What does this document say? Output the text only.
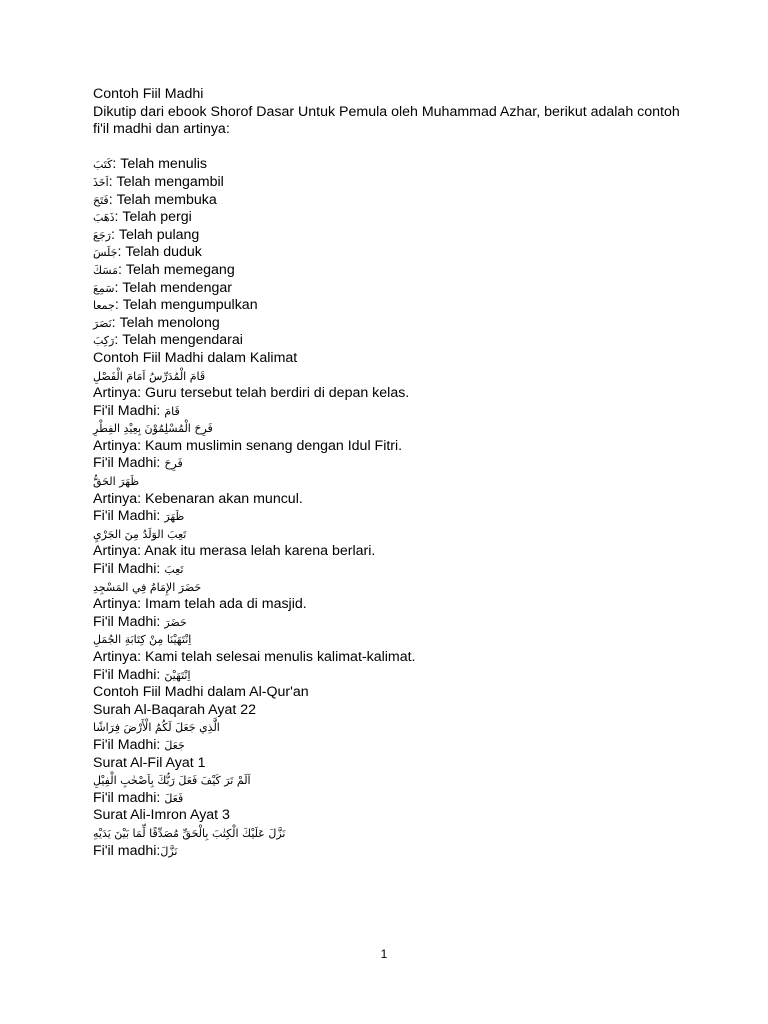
Contoh Fiil Madhi
Dikutip dari ebook Shorof Dasar Untuk Pemula oleh Muhammad Azhar, berikut adalah contoh fi'il madhi dan artinya:
كَتَبَ: Telah menulis
اَخَذَ: Telah mengambil
فَتَحَ: Telah membuka
ذَهَبَ: Telah pergi
رَجَعَ: Telah pulang
جَلَسَ: Telah duduk
مَسَكَ: Telah memegang
سَمِعَ: Telah mendengar
جمعا: Telah mengumpulkan
نَصَرَ: Telah menolong
رَكِبَ: Telah mengendarai
Contoh Fiil Madhi dalam Kalimat
قَامَ الْمُدَرِّسُ اَمَامَ الْفَصْلِ
Artinya: Guru tersebut telah berdiri di depan kelas.
Fi'il Madhi: قَامَ
فَرِحَ الْمُسْلِمُوْنَ بِعِيْدِ الفِطْرِ
Artinya: Kaum muslimin senang dengan Idul Fitri.
Fi'il Madhi: فَرِحَ
ظَهَرَ الحَقُّ
Artinya: Kebenaran akan muncul.
Fi'il Madhi: ظَهَرَ
تَعِبَ الوَلَدُ مِنَ الجَرْيِ
Artinya: Anak itu merasa lelah karena berlari.
Fi'il Madhi: تَعِبَ
حَضَرَ الإِمَامُ فِي المَسْجِدِ
Artinya: Imam telah ada di masjid.
Fi'il Madhi: حَضَرَ
اِنْتَهَيْنَا مِنْ كِتَابَةِ الجُمَلِ
Artinya: Kami telah selesai menulis kalimat-kalimat.
Fi'il Madhi: اِنْتَهَيْنَ
Contoh Fiil Madhi dalam Al-Qur'an
Surah Al-Baqarah Ayat 22
الَّذِي جَعَلَ لَكُمُ الْأَرْضَ فِرَاشًا
Fi'il Madhi: جَعَلَ
Surat Al-Fil Ayat 1
اَلَمْ تَرَ كَيْفَ فَعَلَ رَبُّكَ بِاَصْحٰبِ الْفِيْلِ
Fi'il madhi: فَعَلَ
Surat Ali-Imron Ayat 3
نَزَّلَ عَلَيْكَ الْكِتٰبَ بِالْحَقِّ مُصَدِّقًا لِّمَا بَيْنَ يَدَيْهِ
Fi'il madhi:نَزَّلَ
1
